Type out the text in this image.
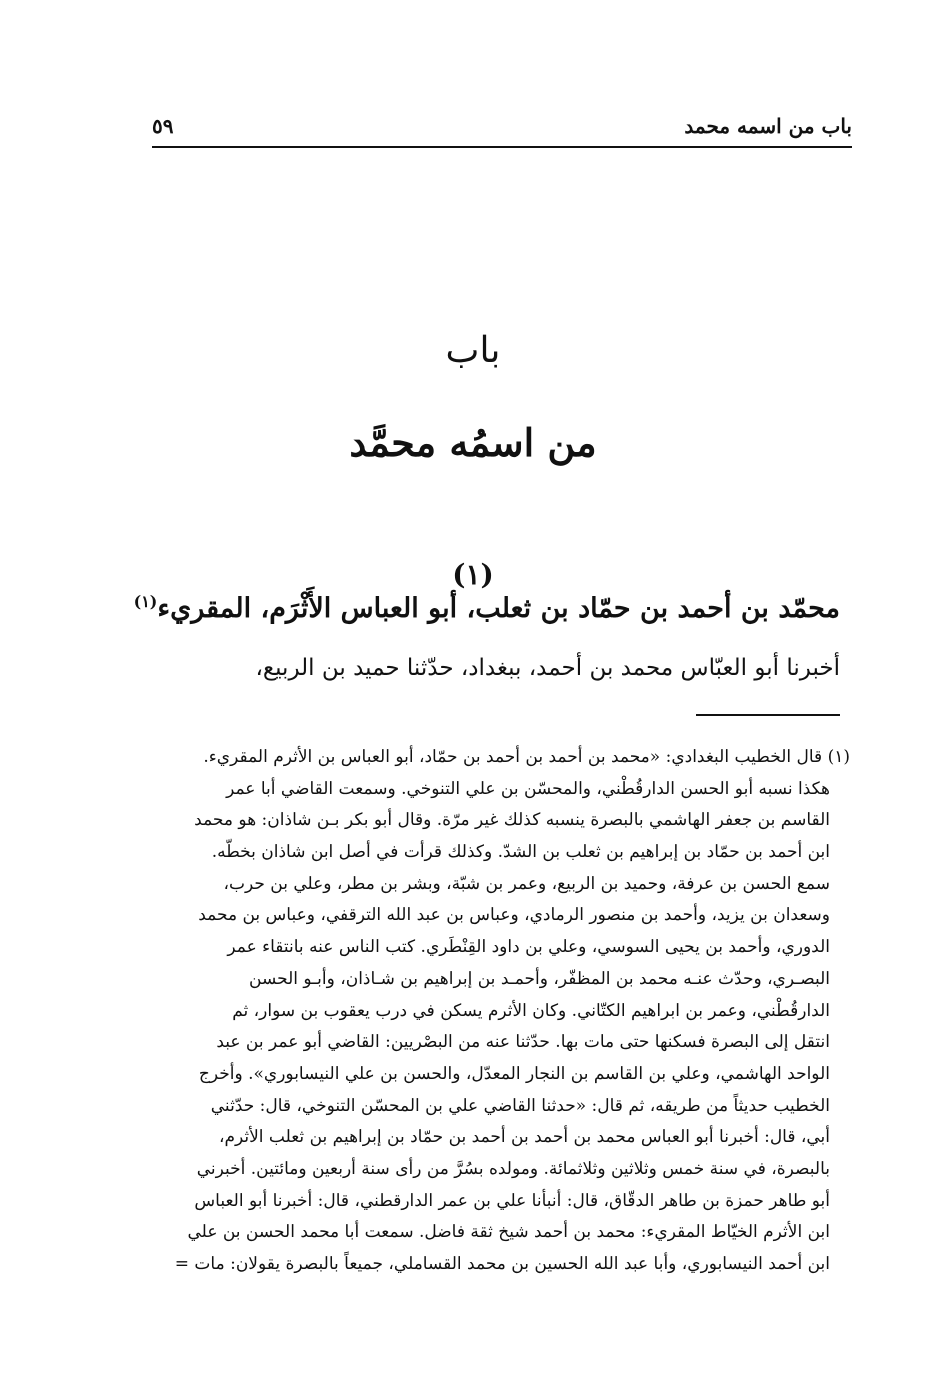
باب من اسمه محمد
٥٩
باب
من اسمُه محمَّد
(١)
محمّد بن أحمد بن حمّاد بن ثعلب، أبو العباس الأَثْرَم، المقريء$^{(١)}$
أخبرنا أبو العبّاس محمد بن أحمد، ببغداد، حدّثنا حميد بن الربيع،
(١) قال الخطيب البغدادي: «محمد بن أحمد بن أحمد بن حمّاد، أبو العباس بن الأثرم المقريء.
هكذا نسبه أبو الحسن الدارقُطْني، والمحسّن بن علي التنوخي. وسمعت القاضي أبا عمر
القاسم بن جعفر الهاشمي بالبصرة ينسبه كذلك غير مرّة. وقال أبو بكر بـن شاذان: هو محمد
ابن أحمد بن حمّاد بن إبراهيم بن ثعلب بن الشدّ. وكذلك قرأت في أصل ابن شاذان بخطّه.
سمع الحسن بن عرفة، وحميد بن الربيع، وعمر بن شبّة، وبشر بن مطر، وعلي بن حرب،
وسعدان بن يزيد، وأحمد بن منصور الرمادي، وعباس بن عبد الله الترقفي، وعباس بن محمد
الدوري، وأحمد بن يحيى السوسي، وعلي بن داود القِنْطَري. كتب الناس عنه بانتقاء عمر
البصـري، وحدّث عنـه محمد بن المظفّر، وأحمـد بن إبراهيم بن شـاذان، وأبـو الحسن
الدارقُطْني، وعمر بن ابراهيم الكتّاني. وكان الأثرم يسكن في درب يعقوب بن سوار، ثم
انتقل إلى البصرة فسكنها حتى مات بها. حدّثنا عنه من البصْريين: القاضي أبو عمر بن عبد
الواحد الهاشمي، وعلي بن القاسم بن النجار المعدّل، والحسن بن علي النيسابوري». وأخرج
الخطيب حديثاً من طريقه، ثم قال: «حدثنا القاضي علي بن المحسّن التنوخي، قال: حدّثني
أبي، قال: أخبرنا أبو العباس محمد بن أحمد بن أحمد بن حمّاد بن إبراهيم بن ثعلب الأثرم،
بالبصرة، في سنة خمس وثلاثين وثلاثمائة. ومولده بسُرَّ من رأى سنة أربعين ومائتين. أخبرني
أبو طاهر حمزة بن طاهر الدقّاق، قال: أنبأنا علي بن عمر الدارقطني، قال: أخبرنا أبو العباس
ابن الأثرم الخيّاط المقريء: محمد بن أحمد شيخ ثقة فاضل. سمعت أبا محمد الحسن بن علي
ابن أحمد النيسابوري، وأبا عبد الله الحسين بن محمد القساملي، جميعاً بالبصرة يقولان: مات =
